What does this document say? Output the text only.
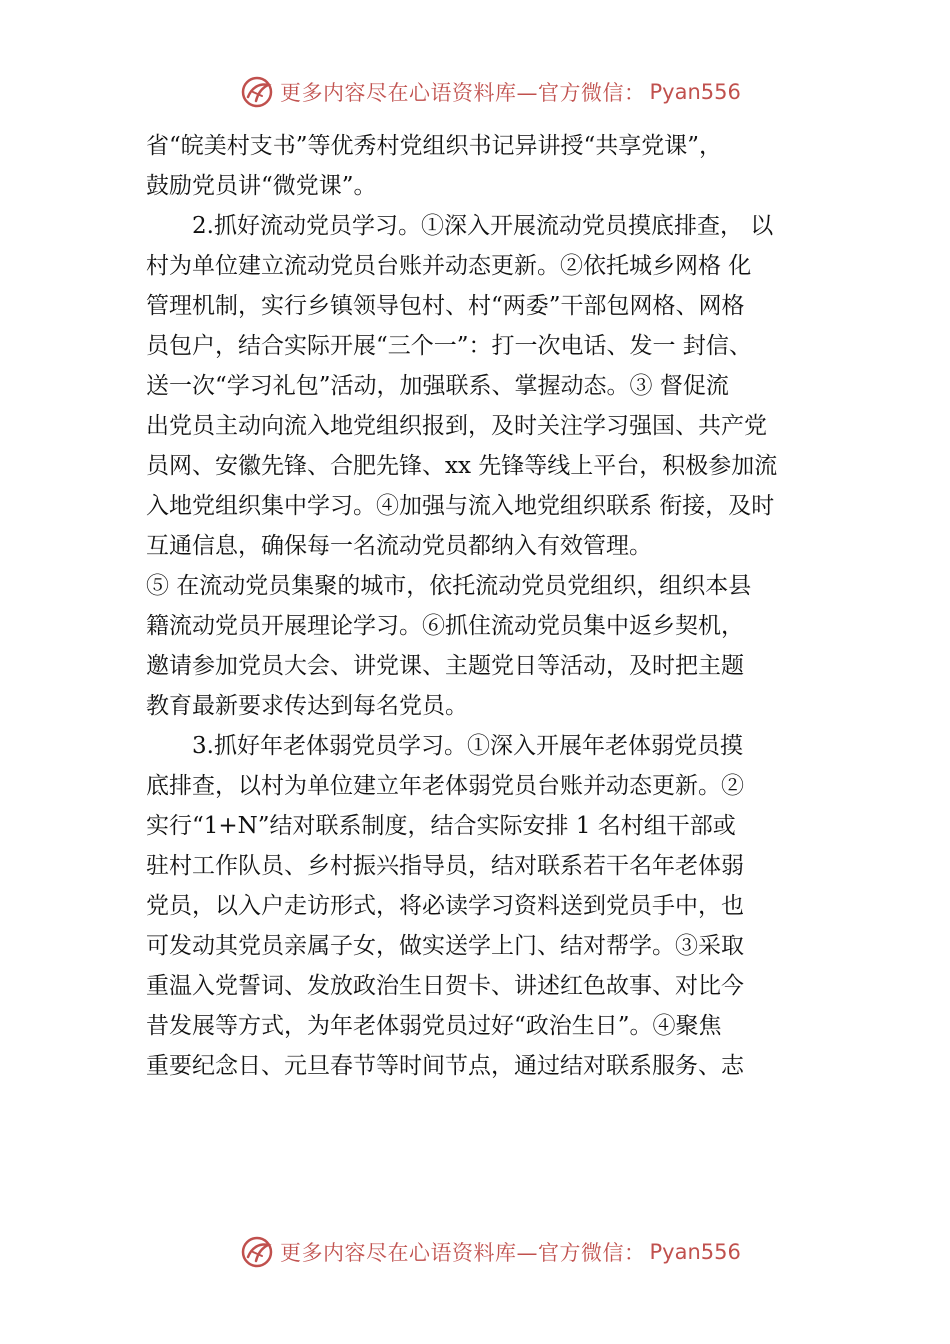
更多内容尽在心语资料库—官方微信： Pyan556

省“皖美村支书”等优秀村党组织书记异讲授“共享党课”，

鼓励党员讲“微党课”。

2.抓好流动党员学习。①深入开展流动党员摸底排查， 以

村为单位建立流动党员台账并动态更新。②依托城乡网格 化

管理机制，实行乡镇领导包村、村“两委”干部包网格、网格

员包户，结合实际开展“三个一”：打一次电话、发一 封信、

送一次“学习礼包”活动，加强联系、掌握动态。③ 督促流

出党员主动向流入地党组织报到，及时关注学习强国、共产党

员网、安徽先锋、合肥先锋、xx 先锋等线上平台，积极参加流

入地党组织集中学习。④加强与流入地党组织联系 衔接，及时

互通信息，确保每一名流动党员都纳入有效管理。

⑤ 在流动党员集聚的城市，依托流动党员党组织，组织本县

籍流动党员开展理论学习。⑥抓住流动党员集中返乡契机，

邀请参加党员大会、讲党课、主题党日等活动，及时把主题

教育最新要求传达到每名党员。

3.抓好年老体弱党员学习。①深入开展年老体弱党员摸

底排查，以村为单位建立年老体弱党员台账并动态更新。②

实行“1+N”结对联系制度，结合实际安排 1 名村组干部或

驻村工作队员、乡村振兴指导员，结对联系若干名年老体弱

党员，以入户走访形式，将必读学习资料送到党员手中，也

可发动其党员亲属子女，做实送学上门、结对帮学。③采取

重温入党誓词、发放政治生日贺卡、讲述红色故事、对比今

昔发展等方式，为年老体弱党员过好“政治生日”。④聚焦

重要纪念日、元旦春节等时间节点，通过结对联系服务、志

更多内容尽在心语资料库—官方微信： Pyan556
